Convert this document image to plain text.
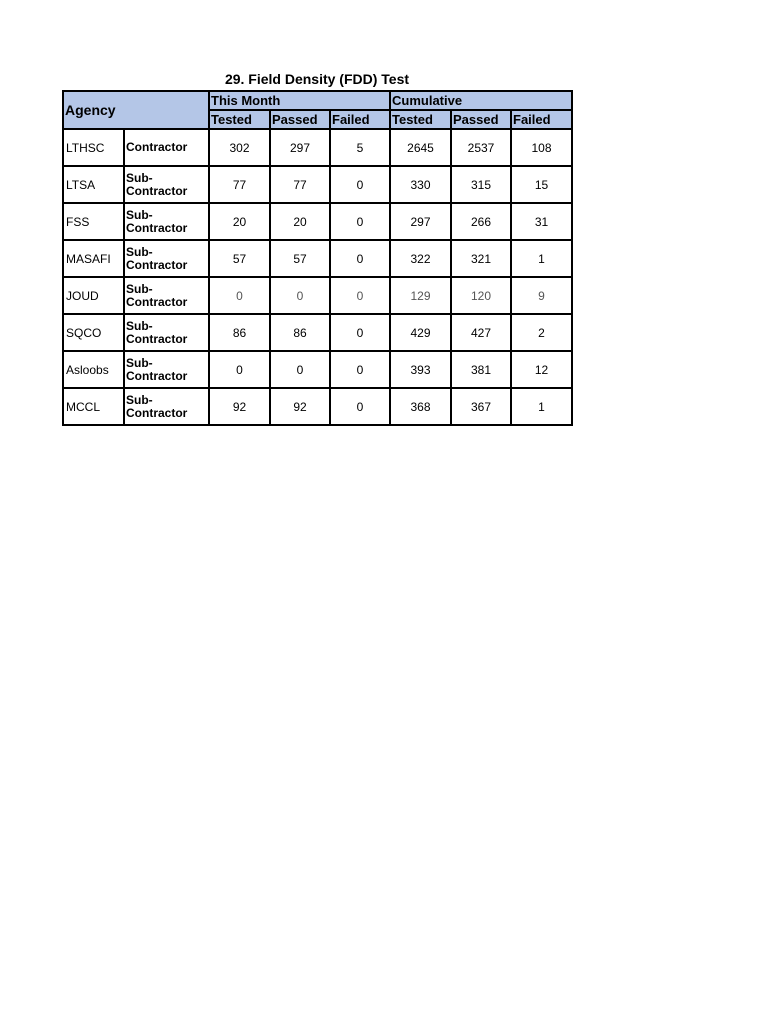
29. Field Density (FDD) Test
Agency		This Month			Cumulative		
		Tested	Passed	Failed	Tested	Passed	Failed
LTHSC	Contractor	302	297	5	2645	2537	108
LTSA	Sub-Contractor	77	77	0	330	315	15
FSS	Sub-Contractor	20	20	0	297	266	31
MASAFI	Sub-Contractor	57	57	0	322	321	1
JOUD	Sub-Contractor	0	0	0	129	120	9
SQCO	Sub-Contractor	86	86	0	429	427	2
Asloobs	Sub-Contractor	0	0	0	393	381	12
MCCL	Sub-Contractor	92	92	0	368	367	1
